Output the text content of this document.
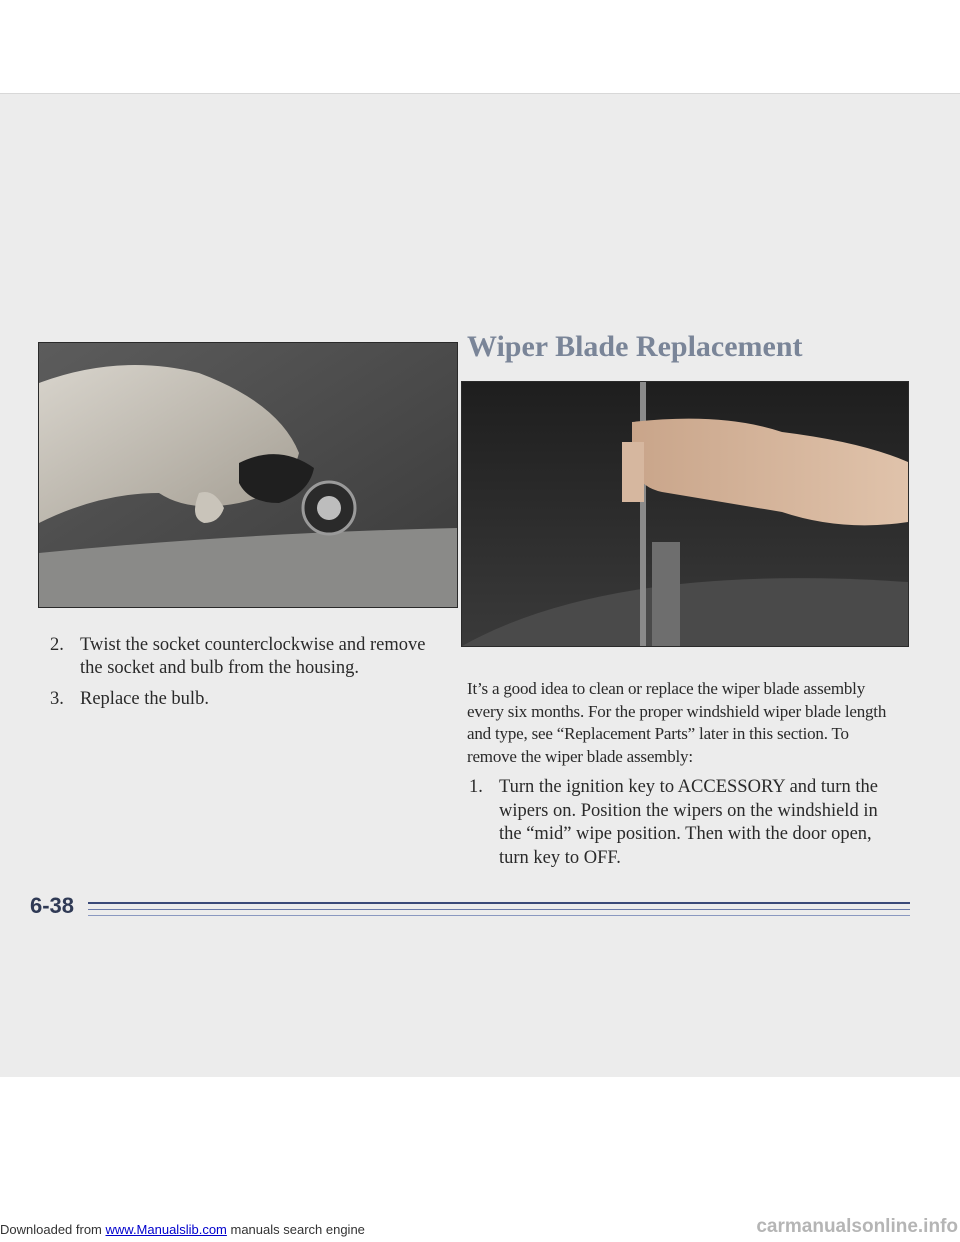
Wiper Blade Replacement
2. Twist the socket counterclockwise and remove the socket and bulb from the housing.
3. Replace the bulb.

It’s a good idea to clean or replace the wiper blade assembly every six months. For the proper windshield wiper blade length and type, see “Replacement Parts” later in this section. To remove the wiper blade assembly:

1. Turn the ignition key to ACCESSORY and turn the wipers on. Position the wipers on the windshield in the “mid” wipe position. Then with the door open, turn key to OFF.
6-38
Downloaded from www.Manualslib.com manuals search engine	carmanualsonline.info
